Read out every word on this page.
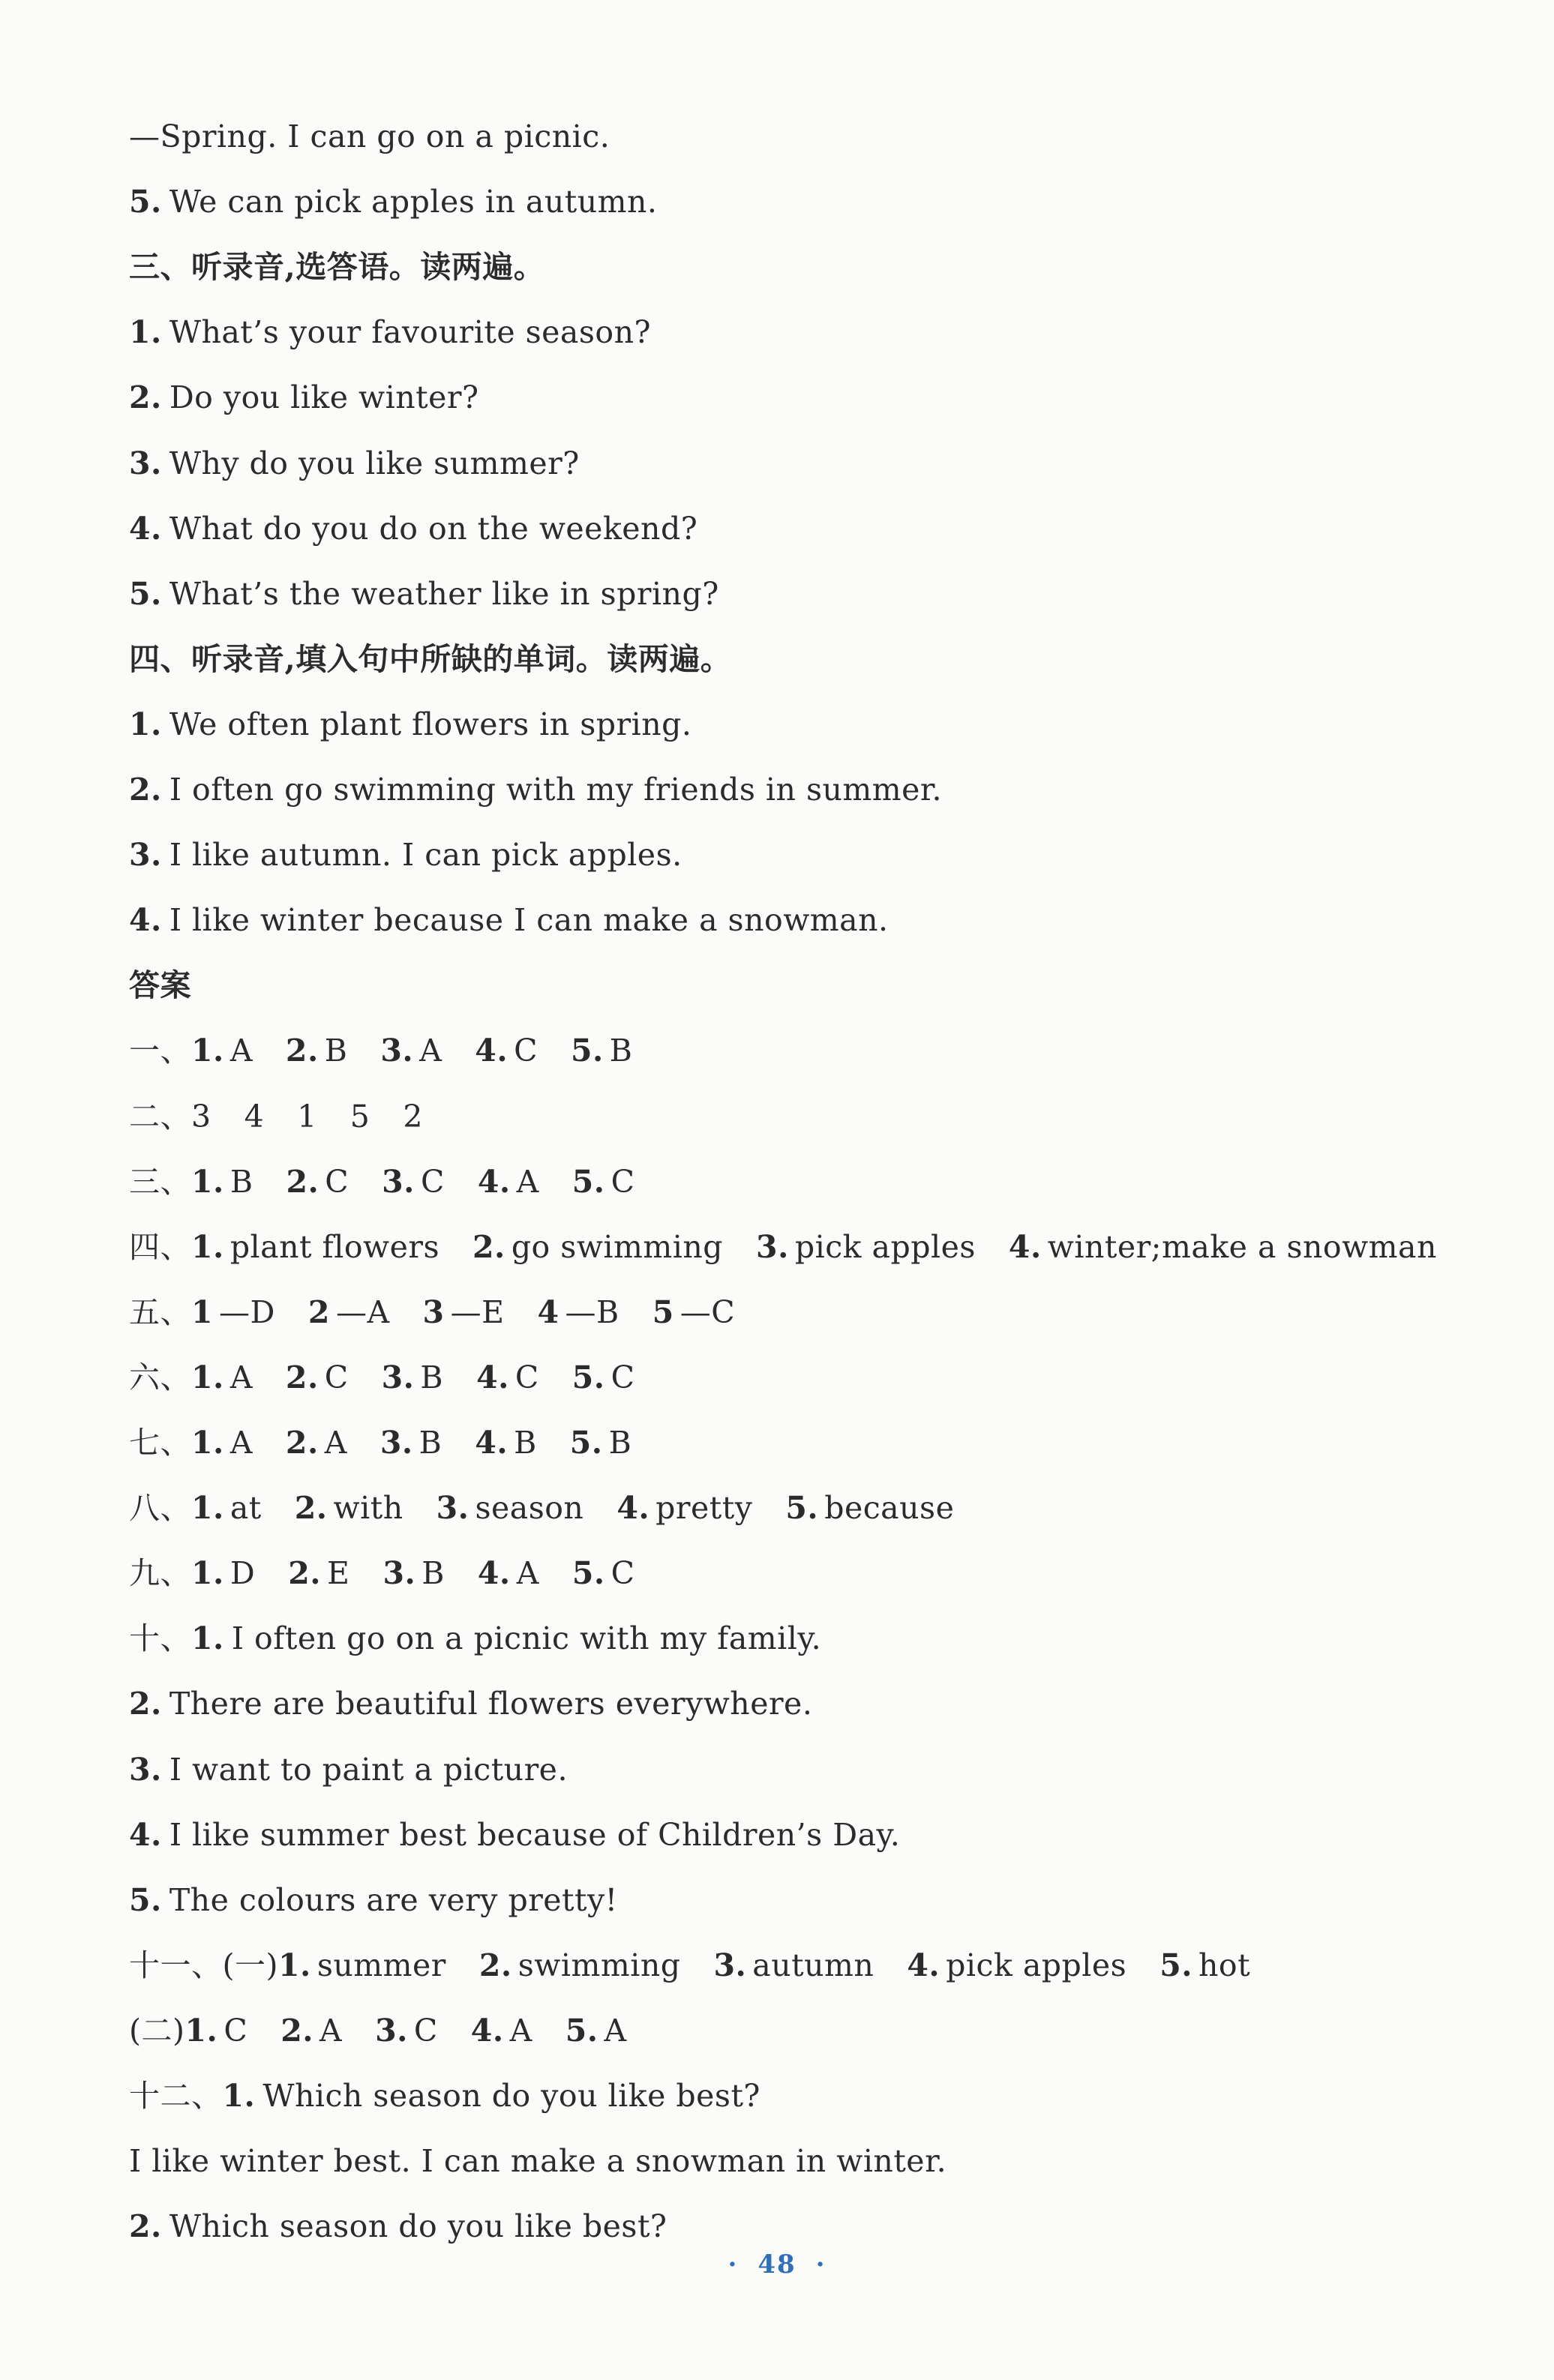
—Spring. I can go on a picnic.
5. We can pick apples in autumn.
三、听录音,选答语。读两遍。
1. What’s your favourite season?
2. Do you like winter?
3. Why do you like summer?
4. What do you do on the weekend?
5. What’s the weather like in spring?
四、听录音,填入句中所缺的单词。读两遍。
1. We often plant flowers in spring.
2. I often go swimming with my friends in summer.
3. I like autumn. I can pick apples.
4. I like winter because I can make a snowman.
答案
一、1. A 2. B 3. A 4. C 5. B
二、3 4 1 5 2
三、1. B 2. C 3. C 4. A 5. C
四、1. plant flowers 2. go swimming 3. pick apples 4. winter;make a snowman
五、1 —D 2 —A 3 —E 4 —B 5 —C
六、1. A 2. C 3. B 4. C 5. C
七、1. A 2. A 3. B 4. B 5. B
八、1. at 2. with 3. season 4. pretty 5. because
九、1. D 2. E 3. B 4. A 5. C
十、1. I often go on a picnic with my family.
2. There are beautiful flowers everywhere.
3. I want to paint a picture.
4. I like summer best because of Children’s Day.
5. The colours are very pretty!
十一、(一)1. summer 2. swimming 3. autumn 4. pick apples 5. hot
(二)1. C 2. A 3. C 4. A 5. A
十二、1. Which season do you like best?
I like winter best. I can make a snowman in winter.
2. Which season do you like best?
· 48 ·
